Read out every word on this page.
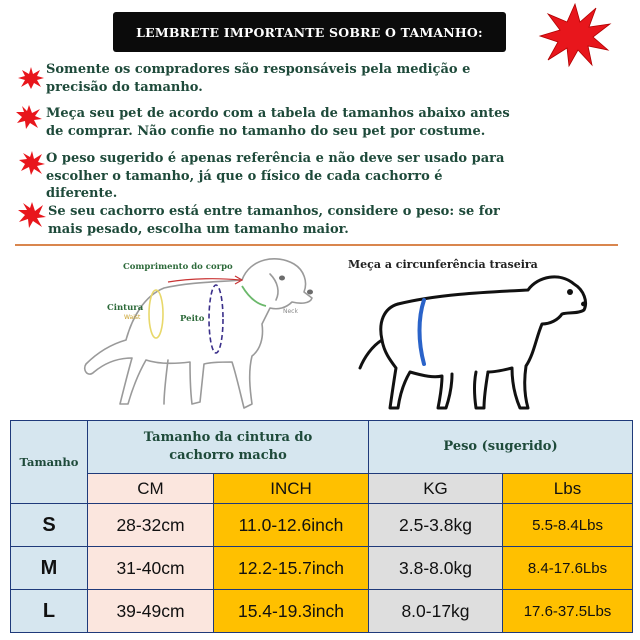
LEMBRETE IMPORTANTE SOBRE O TAMANHO:
Somente os compradores são responsáveis pela medição e
precisão do tamanho.
Meça seu pet de acordo com a tabela de tamanhos abaixo antes
de comprar. Não confie no tamanho do seu pet por costume.
O peso sugerido é apenas referência e não deve ser usado para
escolher o tamanho, já que o físico de cada cachorro é
diferente.
Se seu cachorro está entre tamanhos, considere o peso: se for
mais pesado, escolha um tamanho maior.
Comprimento do corpo
Cintura
Waist	Peito
Neck
Meça a circunferência traseira
Tamanho	Tamanho da cintura do
cachorro macho		Peso (sugerido)	
	CM	INCH	KG	Lbs
S	28-32cm	11.0-12.6inch	2.5-3.8kg	5.5-8.4Lbs
M	31-40cm	12.2-15.7inch	3.8-8.0kg	8.4-17.6Lbs
L	39-49cm	15.4-19.3inch	8.0-17kg	17.6-37.5Lbs
